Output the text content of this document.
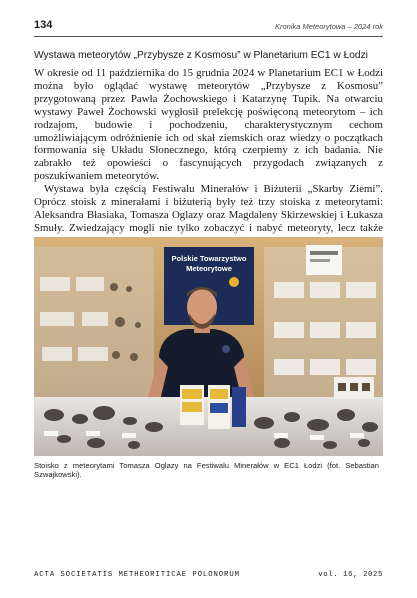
134	Kronika Meteorytowa – 2024 rok
Wystawa meteorytów „Przybysze z Kosmosu” w Planetarium EC1 w Łodzi

W okresie od 11 października do 15 grudnia 2024 w Planetarium EC1 w Łodzi można było oglądać wystawę meteorytów „Przybysze z Kosmosu” przygotowaną przez Pawła Żochowskiego i Katarzynę Tupik. Na otwarciu wystawy Paweł Żochowski wygłosił prelekcję poświęconą meteorytom – ich rodzajom, budowie i pochodzeniu, charakterystycznym cechom umożliwiającym odróżnienie ich od skał ziemskich oraz wiedzy o początkach formowania się Układu Słonecznego, którą czerpiemy z ich badania. Nie zabrakło też opowieści o fascynujących przygodach związanych z poszukiwaniem meteorytów.

Wystawa była częścią Festiwalu Minerałów i Biżuterii „Skarby Ziemi”. Oprócz stoisk z minerałami i biżuterią były też trzy stoiska z meteorytami: Aleksandra Błasiaka, Tomasza Oglazy oraz Magdaleny Skirzewskiej i Łukasza Smuły. Zwiedzający mogli nie tylko zobaczyć i nabyć meteoryty, lecz także

Polskie Towarzystwo
Meteorytowe
Stoisko z meteorytami Tomasza Oglazy na Festiwalu Minerałów w EC1 Łodzi (fot. Sebastian Szwajkowski).
ACTA SOCIETATIS METHEORITICAE POLONORUM	vol. 16, 2025
